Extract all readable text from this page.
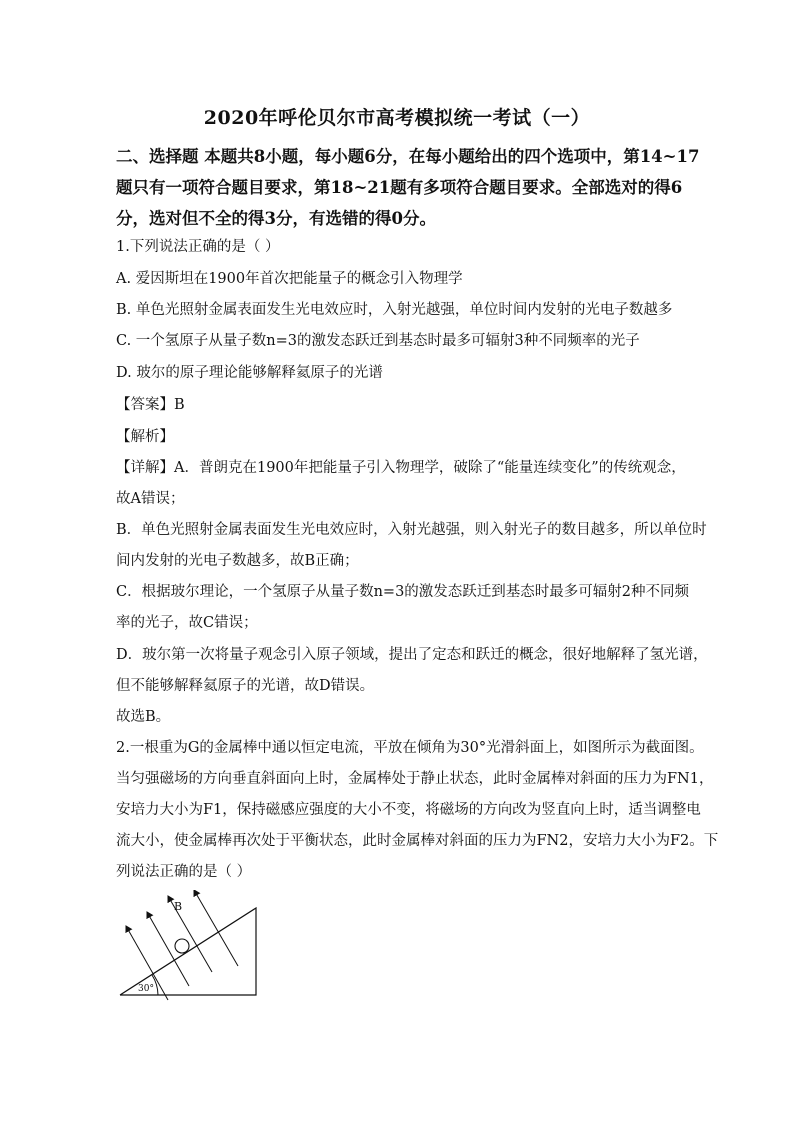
2020年呼伦贝尔市高考模拟统一考试（一）
二、选择题 本题共8小题，每小题6分，在每小题给出的四个选项中，第14~17题只有一项符合题目要求，第18~21题有多项符合题目要求。全部选对的得6分，选对但不全的得3分，有选错的得0分。
1.下列说法正确的是（ ）
A. 爱因斯坦在1900年首次把能量子的概念引入物理学
B. 单色光照射金属表面发生光电效应时，入射光越强，单位时间内发射的光电子数越多
C. 一个氢原子从量子数n=3的激发态跃迁到基态时最多可辐射3种不同频率的光子
D. 玻尔的原子理论能够解释氦原子的光谱
【答案】B
【解析】
【详解】A．普朗克在1900年把能量子引入物理学，破除了“能量连续变化”的传统观念，
故A错误；
B．单色光照射金属表面发生光电效应时，入射光越强，则入射光子的数目越多，所以单位时
间内发射的光电子数越多，故B正确；
C．根据玻尔理论，一个氢原子从量子数n=3的激发态跃迁到基态时最多可辐射2种不同频
率的光子，故C错误；
D．玻尔第一次将量子观念引入原子领域，提出了定态和跃迁的概念，很好地解释了氢光谱，
但不能够解释氦原子的光谱，故D错误。
故选B。
2.一根重为G的金属棒中通以恒定电流，平放在倾角为30°光滑斜面上，如图所示为截面图。
当匀强磁场的方向垂直斜面向上时，金属棒处于静止状态，此时金属棒对斜面的压力为FN1，
安培力大小为F1，保持磁感应强度的大小不变，将磁场的方向改为竖直向上时，适当调整电
流大小，使金属棒再次处于平衡状态，此时金属棒对斜面的压力为FN2，安培力大小为F2。下
列说法正确的是（ ）
30°
B
